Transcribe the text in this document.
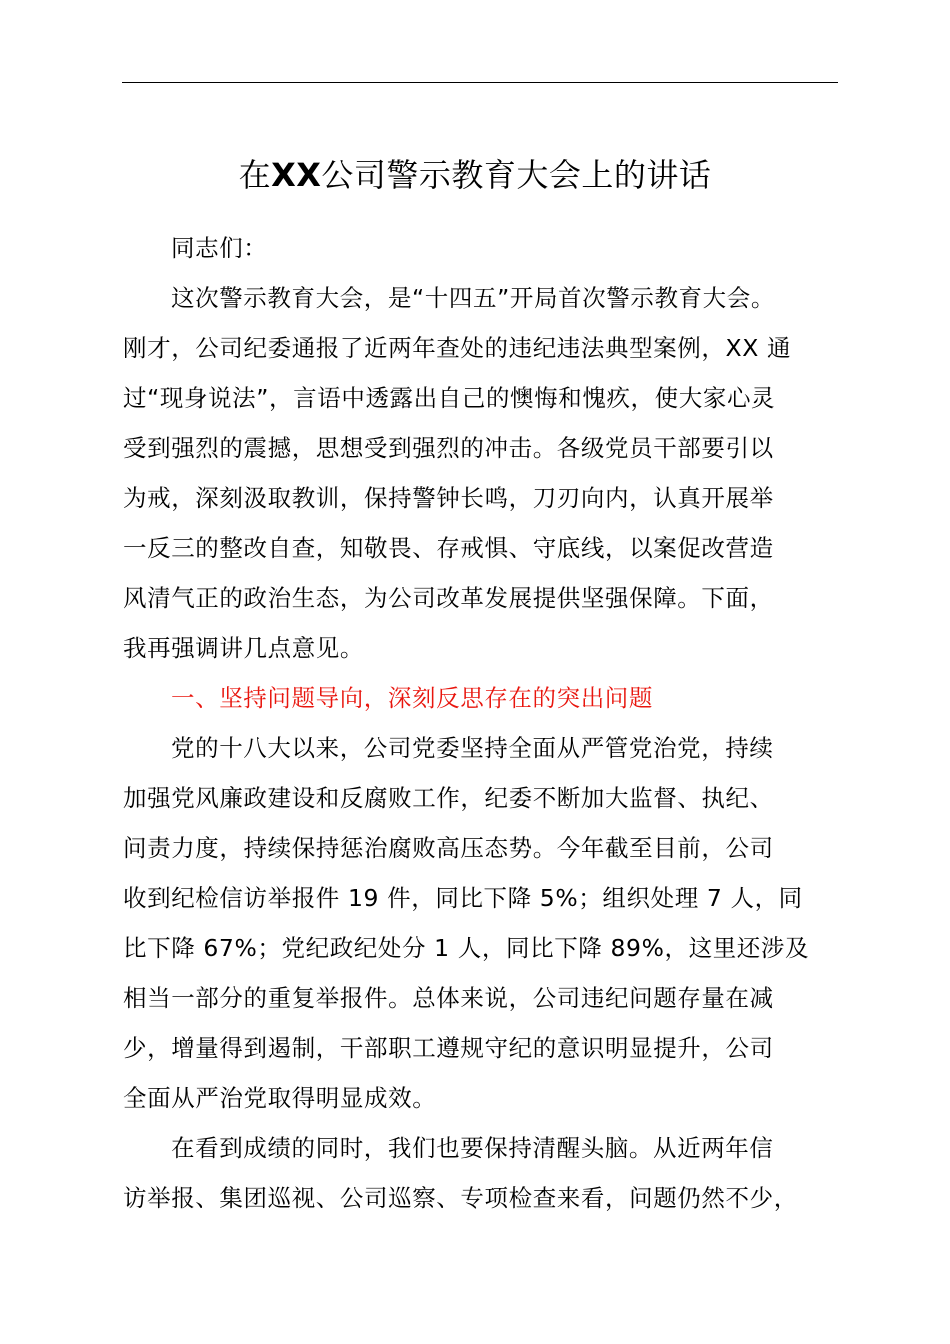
在XX公司警示教育大会上的讲话
同志们：
这次警示教育大会，是“十四五”开局首次警示教育大会。
刚才，公司纪委通报了近两年查处的违纪违法典型案例，XX 通
过“现身说法”，言语中透露出自己的懊悔和愧疚，使大家心灵
受到强烈的震撼，思想受到强烈的冲击。各级党员干部要引以
为戒，深刻汲取教训，保持警钟长鸣，刀刃向内，认真开展举
一反三的整改自查，知敬畏、存戒惧、守底线，以案促改营造
风清气正的政治生态，为公司改革发展提供坚强保障。下面，
我再强调讲几点意见。
一、坚持问题导向，深刻反思存在的突出问题
党的十八大以来，公司党委坚持全面从严管党治党，持续
加强党风廉政建设和反腐败工作，纪委不断加大监督、执纪、
问责力度，持续保持惩治腐败高压态势。今年截至目前，公司
收到纪检信访举报件 19 件，同比下降 5%；组织处理 7 人，同
比下降 67%；党纪政纪处分 1 人，同比下降 89%，这里还涉及
相当一部分的重复举报件。总体来说，公司违纪问题存量在减
少，增量得到遏制，干部职工遵规守纪的意识明显提升，公司
全面从严治党取得明显成效。
在看到成绩的同时，我们也要保持清醒头脑。从近两年信
访举报、集团巡视、公司巡察、专项检查来看，问题仍然不少，
